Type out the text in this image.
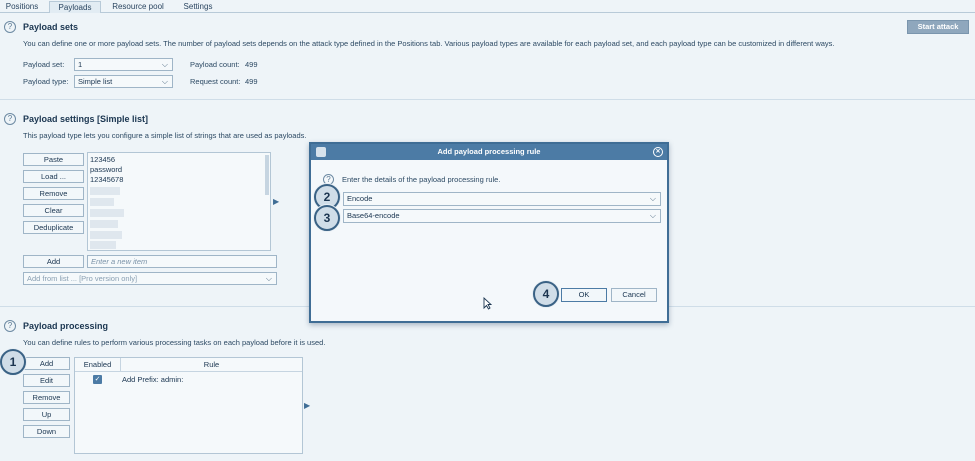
Positions	Payloads	Resource pool	Settings
Start attack
?	Payload sets
You can define one or more payload sets. The number of payload sets depends on the attack type defined in the Positions tab. Various payload types are available for each payload set, and each payload type can be customized in different ways.
Payload set:	1	⌵	Payload count: 499
Payload type:	Simple list	⌵	Request count: 499
?	Payload settings [Simple list]
This payload type lets you configure a simple list of strings that are used as payloads.
Paste
Load ...
Remove
Clear
Deduplicate
123456
password
12345678
▶
Add	Enter a new item
Add from list ... [Pro version only]	⌵
?	Payload processing
You can define rules to perform various processing tasks on each payload before it is used.
Add
Edit
Remove
Up
Down
Enabled	Rule
✓	Add Prefix: admin:
▶
Add payload processing rule	✕
?	Enter the details of the payload processing rule.
Encode	⌵
Base64-encode	⌵
OK	Cancel
1
2
3
4
